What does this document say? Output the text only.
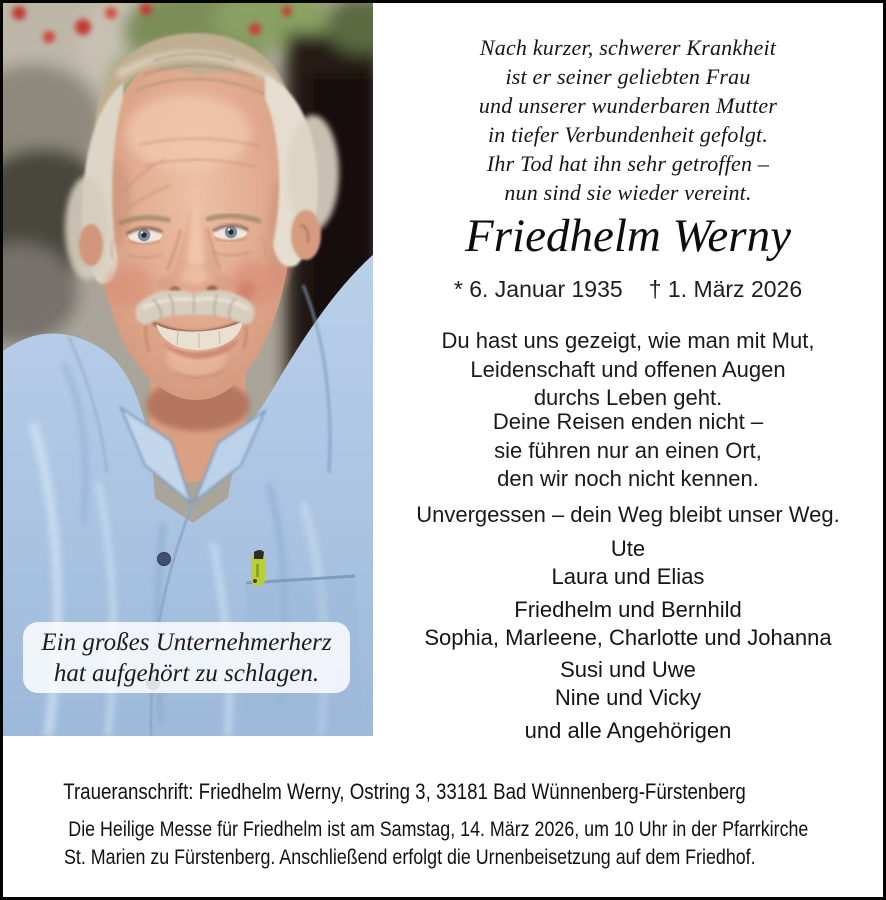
Ein großes Unternehmerherz
hat aufgehört zu schlagen.
Nach kurzer, schwerer Krankheit
ist er seiner geliebten Frau
und unserer wunderbaren Mutter
in tiefer Verbundenheit gefolgt.
Ihr Tod hat ihn sehr getroffen –
nun sind sie wieder vereint.
Friedhelm Werny
* 6. Januar 1935 † 1. März 2026
Du hast uns gezeigt, wie man mit Mut,
Leidenschaft und offenen Augen
durchs Leben geht.
Deine Reisen enden nicht –
sie führen nur an einen Ort,
den wir noch nicht kennen.
Unvergessen – dein Weg bleibt unser Weg.
Ute
Laura und Elias
Friedhelm und Bernhild
Sophia, Marleene, Charlotte und Johanna
Susi und Uwe
Nine und Vicky
und alle Angehörigen
Traueranschrift: Friedhelm Werny, Ostring 3, 33181 Bad Wünnenberg-Fürstenberg
Die Heilige Messe für Friedhelm ist am Samstag, 14. März 2026, um 10 Uhr in der Pfarrkirche
St. Marien zu Fürstenberg. Anschließend erfolgt die Urnenbeisetzung auf dem Friedhof.
